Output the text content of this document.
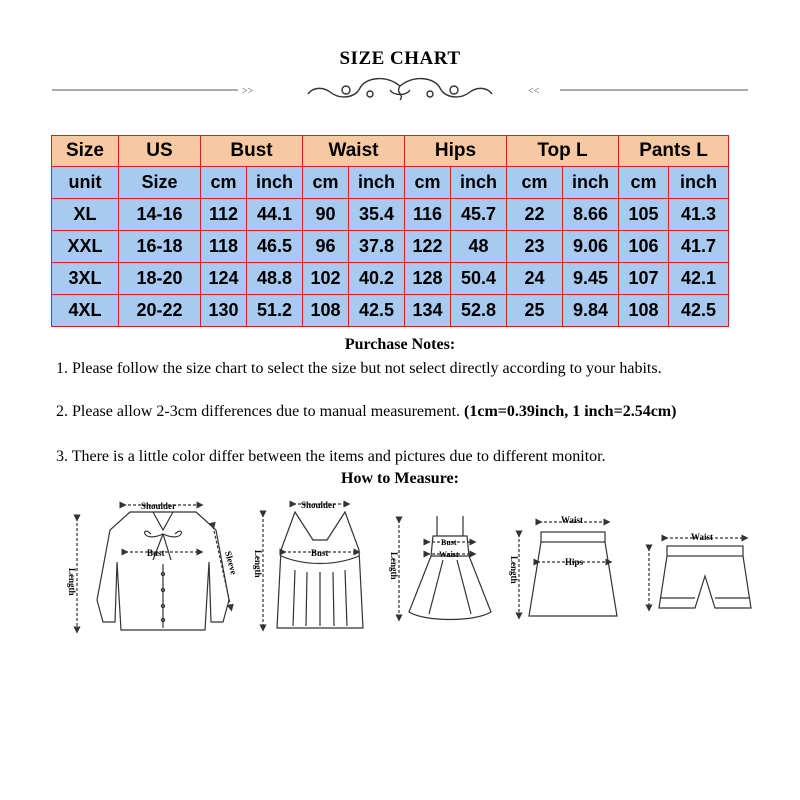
SIZE CHART
>>	<<
Size	US	Bust		Waist		Hips		Top L		Pants L	
unit	Size	cm	inch	cm	inch	cm	inch	cm	inch	cm	inch
XL	14-16	112	44.1	90	35.4	116	45.7	22	8.66	105	41.3
XXL	16-18	118	46.5	96	37.8	122	48	23	9.06	106	41.7
3XL	18-20	124	48.8	102	40.2	128	50.4	24	9.45	107	42.1
4XL	20-22	130	51.2	108	42.5	134	52.8	25	9.84	108	42.5
Purchase Notes:
1. Please follow the size chart to select the size but not select directly according to your habits.
2. Please allow 2-3cm differences due to manual measurement. (1cm=0.39inch, 1 inch=2.54cm)
3. There is a little color differ between the items and pictures due to different monitor.
How to Measure:
Shoulder
Bust
Length
Sleeve
Shoulder
Bust
Length
Bust
Waist
Length
Waist
Hips
Length
Waist
